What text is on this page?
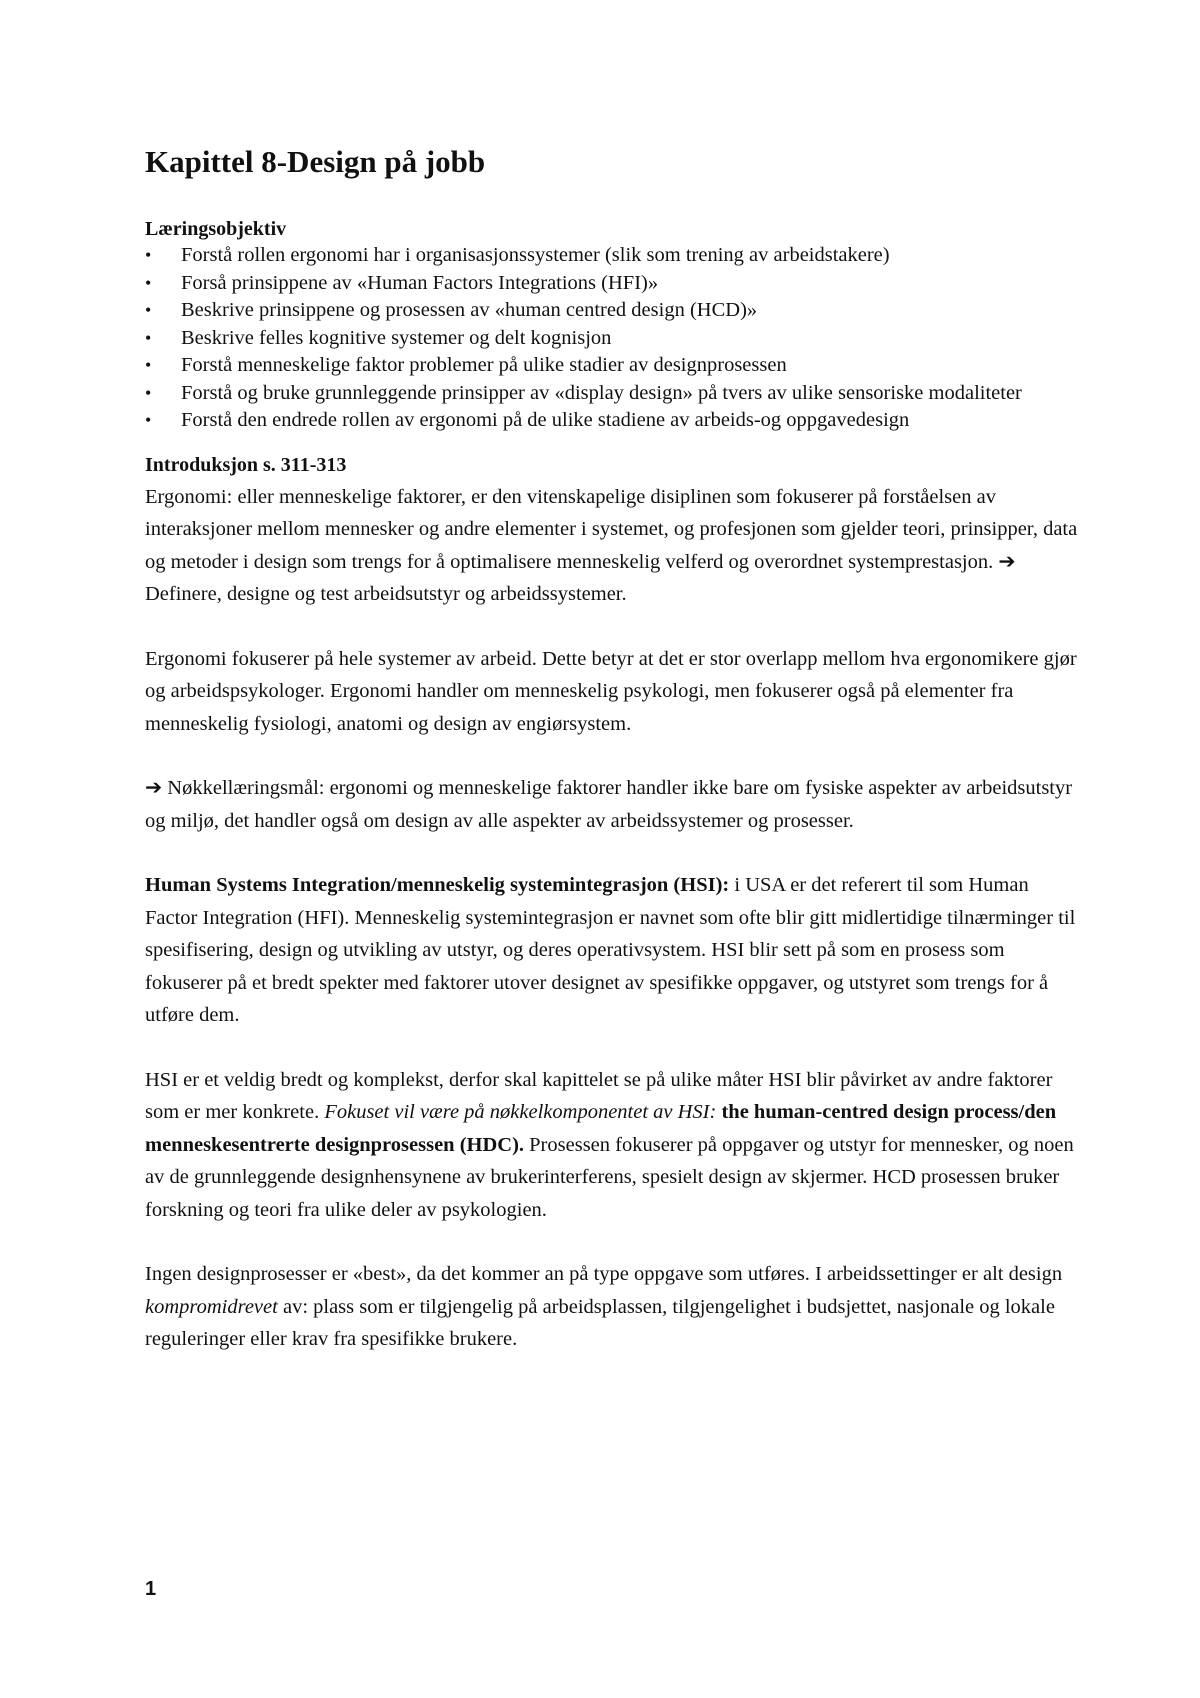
Kapittel 8-Design på jobb
Læringsobjektiv
•	Forstå rollen ergonomi har i organisasjonssystemer (slik som trening av arbeidstakere)
•	Forså prinsippene av «Human Factors Integrations (HFI)»
•	Beskrive prinsippene og prosessen av «human centred design (HCD)»
•	Beskrive felles kognitive systemer og delt kognisjon
•	Forstå menneskelige faktor problemer på ulike stadier av designprosessen
•	Forstå og bruke grunnleggende prinsipper av «display design» på tvers av ulike sensoriske modaliteter
•	Forstå den endrede rollen av ergonomi på de ulike stadiene av arbeids-og oppgavedesign
Introduksjon s. 311-313

Ergonomi: eller menneskelige faktorer, er den vitenskapelige disiplinen som fokuserer på forståelsen av interaksjoner mellom mennesker og andre elementer i systemet, og profesjonen som gjelder teori, prinsipper, data og metoder i design som trengs for å optimalisere menneskelig velferd og overordnet systemprestasjon. ➔ Definere, designe og test arbeidsutstyr og arbeidssystemer.

Ergonomi fokuserer på hele systemer av arbeid. Dette betyr at det er stor overlapp mellom hva ergonomikere gjør og arbeidspsykologer. Ergonomi handler om menneskelig psykologi, men fokuserer også på elementer fra menneskelig fysiologi, anatomi og design av engiørsystem.

➔ Nøkkellæringsmål: ergonomi og menneskelige faktorer handler ikke bare om fysiske aspekter av arbeidsutstyr og miljø, det handler også om design av alle aspekter av arbeidssystemer og prosesser.

Human Systems Integration/menneskelig systemintegrasjon (HSI): i USA er det referert til som Human Factor Integration (HFI). Menneskelig systemintegrasjon er navnet som ofte blir gitt midlertidige tilnærminger til spesifisering, design og utvikling av utstyr, og deres operativsystem. HSI blir sett på som en prosess som fokuserer på et bredt spekter med faktorer utover designet av spesifikke oppgaver, og utstyret som trengs for å utføre dem.

HSI er et veldig bredt og komplekst, derfor skal kapittelet se på ulike måter HSI blir påvirket av andre faktorer som er mer konkrete. Fokuset vil være på nøkkelkomponentet av HSI: the human-centred design process/den menneskesentrerte designprosessen (HDC). Prosessen fokuserer på oppgaver og utstyr for mennesker, og noen av de grunnleggende designhensynene av brukerinterferens, spesielt design av skjermer. HCD prosessen bruker forskning og teori fra ulike deler av psykologien.

Ingen designprosesser er «best», da det kommer an på type oppgave som utføres. I arbeidssettinger er alt design kompromidrevet av: plass som er tilgjengelig på arbeidsplassen, tilgjengelighet i budsjettet, nasjonale og lokale reguleringer eller krav fra spesifikke brukere.

1
